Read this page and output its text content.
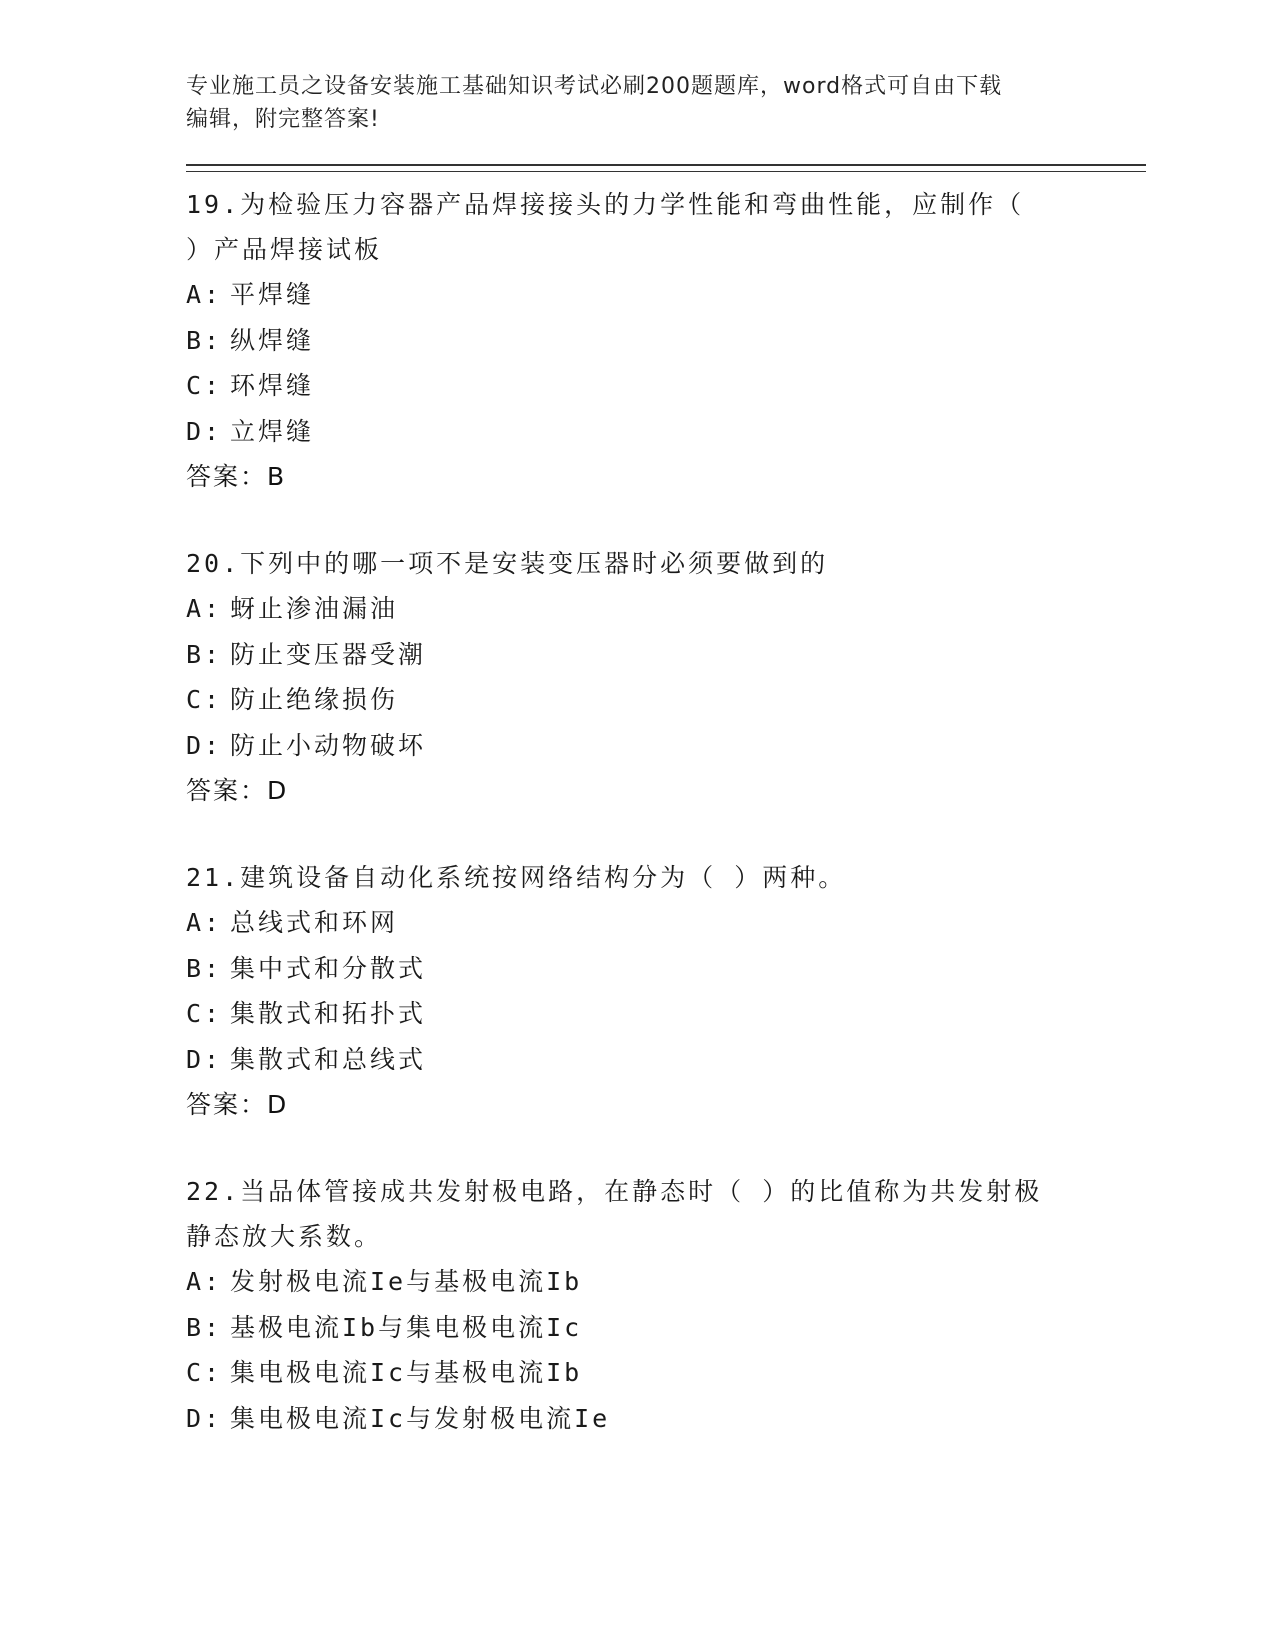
专业施工员之设备安装施工基础知识考试必刷200题题库，word格式可自由下载
编辑，附完整答案!
19.为检验压力容器产品焊接接头的力学性能和弯曲性能，应制作（ ）产品焊接试板
A: 平焊缝
B: 纵焊缝
C: 环焊缝
D: 立焊缝
答案：B
20.下列中的哪一项不是安装变压器时必须要做到的
A: 蚜止渗油漏油
B: 防止变压器受潮
C: 防止绝缘损伤
D: 防止小动物破坏
答案：D
21.建筑设备自动化系统按网络结构分为（ ）两种。
A: 总线式和环网
B: 集中式和分散式
C: 集散式和拓扑式
D: 集散式和总线式
答案：D
22.当品体管接成共发射极电路，在静态时（ ）的比值称为共发射极静态放大系数。
A: 发射极电流Ie与基极电流Ib
B: 基极电流Ib与集电极电流Ic
C: 集电极电流Ic与基极电流Ib
D: 集电极电流Ic与发射极电流Ie
